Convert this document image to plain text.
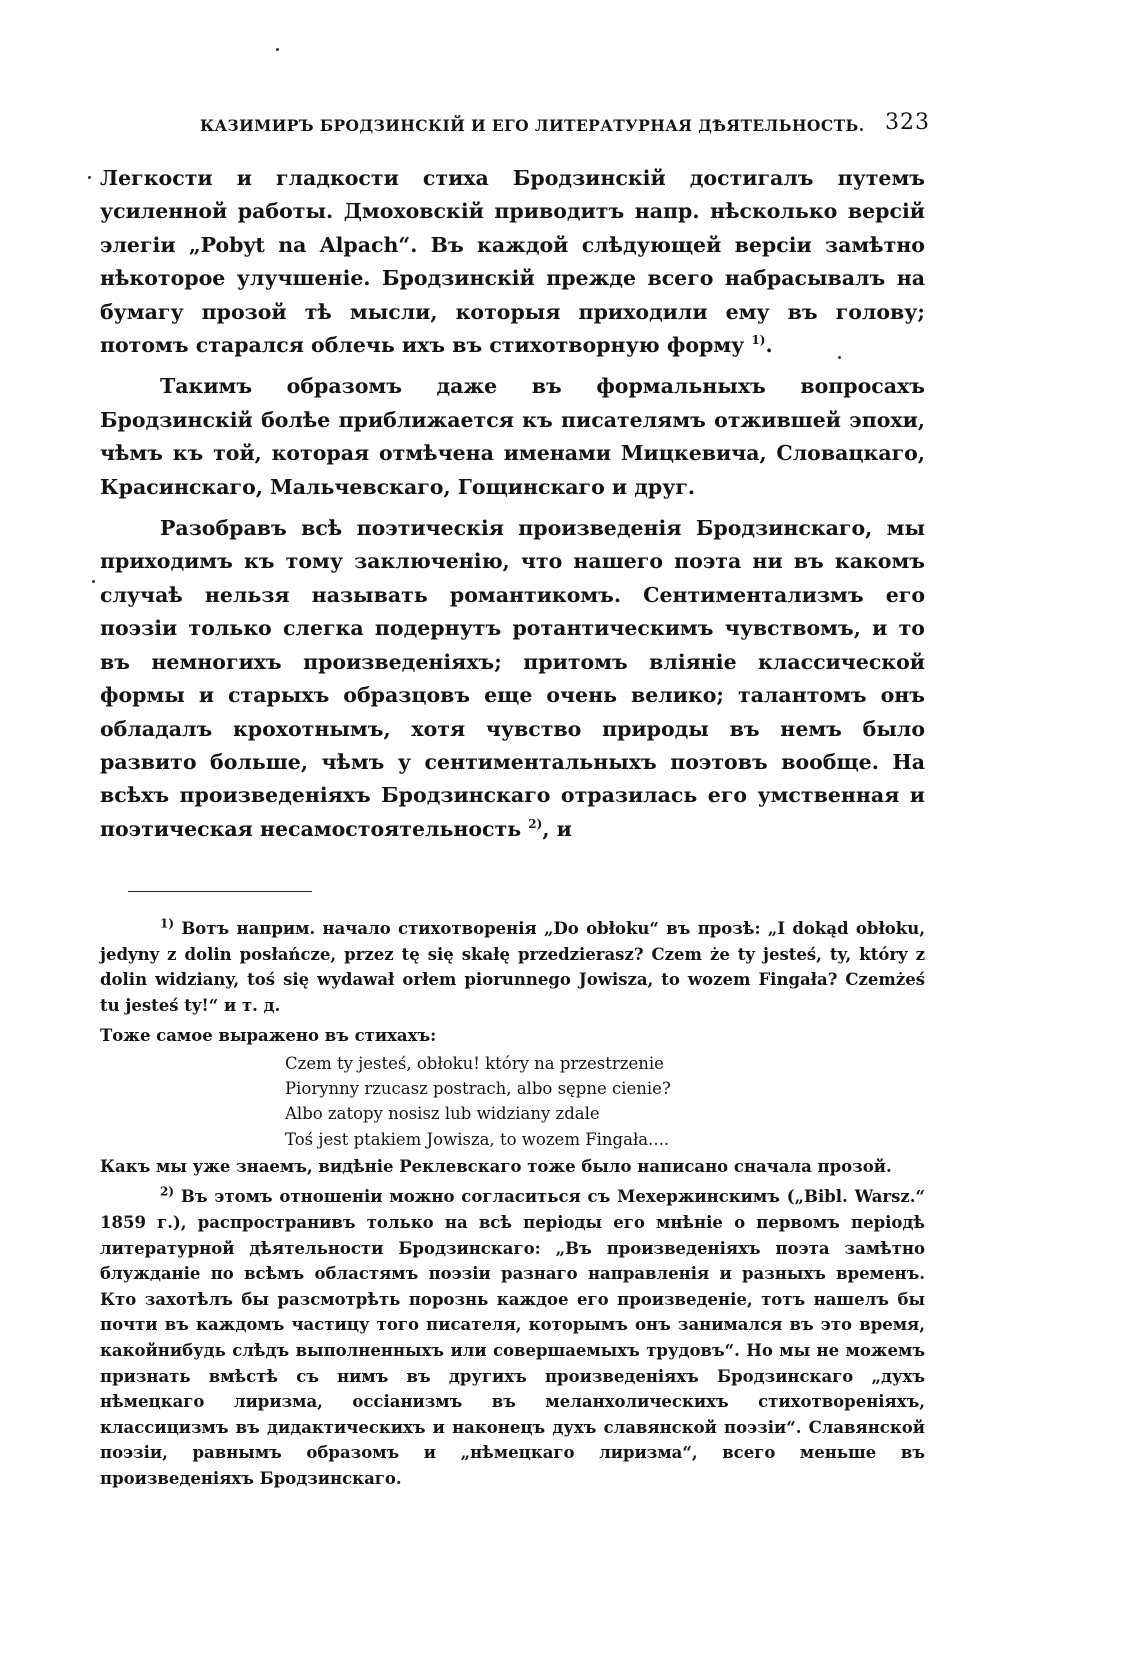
КАЗИМИРЪ БРОДЗИНСКІЙ И ЕГО ЛИТЕРАТУРНАЯ ДѢЯТЕЛЬНОСТЬ. 323

Легкости и гладкости стиха Бродзинскій достигалъ путемъ усиленной работы. Дмоховскій приводитъ напр. нѣсколько версій элегіи „Pobyt na Alpach“. Въ каждой слѣдующей версіи замѣтно нѣкоторое улучшеніе. Бродзинскій прежде всего набрасывалъ на бумагу прозой тѣ мысли, которыя приходили ему въ голову; потомъ старался облечь ихъ въ стихотворную форму $^{1)}$.

Такимъ образомъ даже въ формальныхъ вопросахъ Бродзинскій болѣе приближается къ писателямъ отжившей эпохи, чѣмъ къ той, которая отмѣчена именами Мицкевича, Словацкаго, Красинскаго, Мальчевскаго, Гощинскаго и друг.

Разобравъ всѣ поэтическія произведенія Бродзинскаго, мы приходимъ къ тому заключенію, что нашего поэта ни въ какомъ случаѣ нельзя называть романтикомъ. Сентиментализмъ его поэзіи только слегка подернутъ ротантическимъ чувствомъ, и то въ немногихъ произведеніяхъ; притомъ вліяніе классической формы и старыхъ образцовъ еще очень велико; талантомъ онъ обладалъ крохотнымъ, хотя чувство природы въ немъ было развито больше, чѣмъ у сентиментальныхъ поэтовъ вообще. На всѣхъ произведеніяхъ Бродзинскаго отразилась его умственная и поэтическая несамостоятельность $^{2)}$, и

$^{1)}$ Вотъ наприм. начало стихотворенія „Do obłoku“ въ прозѣ: „I dokąd obłoku, jedyny z dolin posłańcze, przez tę się skałę przedzierasz? Czem że ty jesteś, ty, który z dolin widziany, toś się wydawał orłem piorunnego Jowisza, to wozem Fingała? Czemżeś tu jesteś ty!“ и т. д.

Тоже самое выражено въ стихахъ:

Czem ty jesteś, obłoku! który na przestrzenie
Piorynny rzucasz postrach, albo sępne cienie?
Albo zatopy nosisz lub widziany zdale
Toś jest ptakiem Jowisza, to wozem Fingała....

Какъ мы уже знаемъ, видѣніе Реклевскаго тоже было написано сначала прозой.

$^{2)}$ Въ этомъ отношеніи можно согласиться съ Мехержинскимъ („Bibl. Warsz.“ 1859 г.), распространивъ только на всѣ періоды его мнѣніе о первомъ періодѣ литературной дѣятельности Бродзинскаго: „Въ произведеніяхъ поэта замѣтно блужданіе по всѣмъ областямъ поэзіи разнаго направленія и разныхъ временъ. Кто захотѣлъ бы разсмотрѣть порознь каждое его произведеніе, тотъ нашелъ бы почти въ каждомъ частицу того писателя, которымъ онъ занимался въ это время, какойнибудь слѣдъ выполненныхъ или совершаемыхъ трудовъ“. Но мы не можемъ признать вмѣстѣ съ нимъ въ другихъ произведеніяхъ Бродзинскаго „духъ нѣмецкаго лиризма, оссіанизмъ въ меланхолическихъ стихотвореніяхъ, классицизмъ въ дидактическихъ и наконецъ духъ славянской поэзіи“. Славянской поэзіи, равнымъ образомъ и „нѣмецкаго лиризма“, всего меньше въ произведеніяхъ Бродзинскаго.
